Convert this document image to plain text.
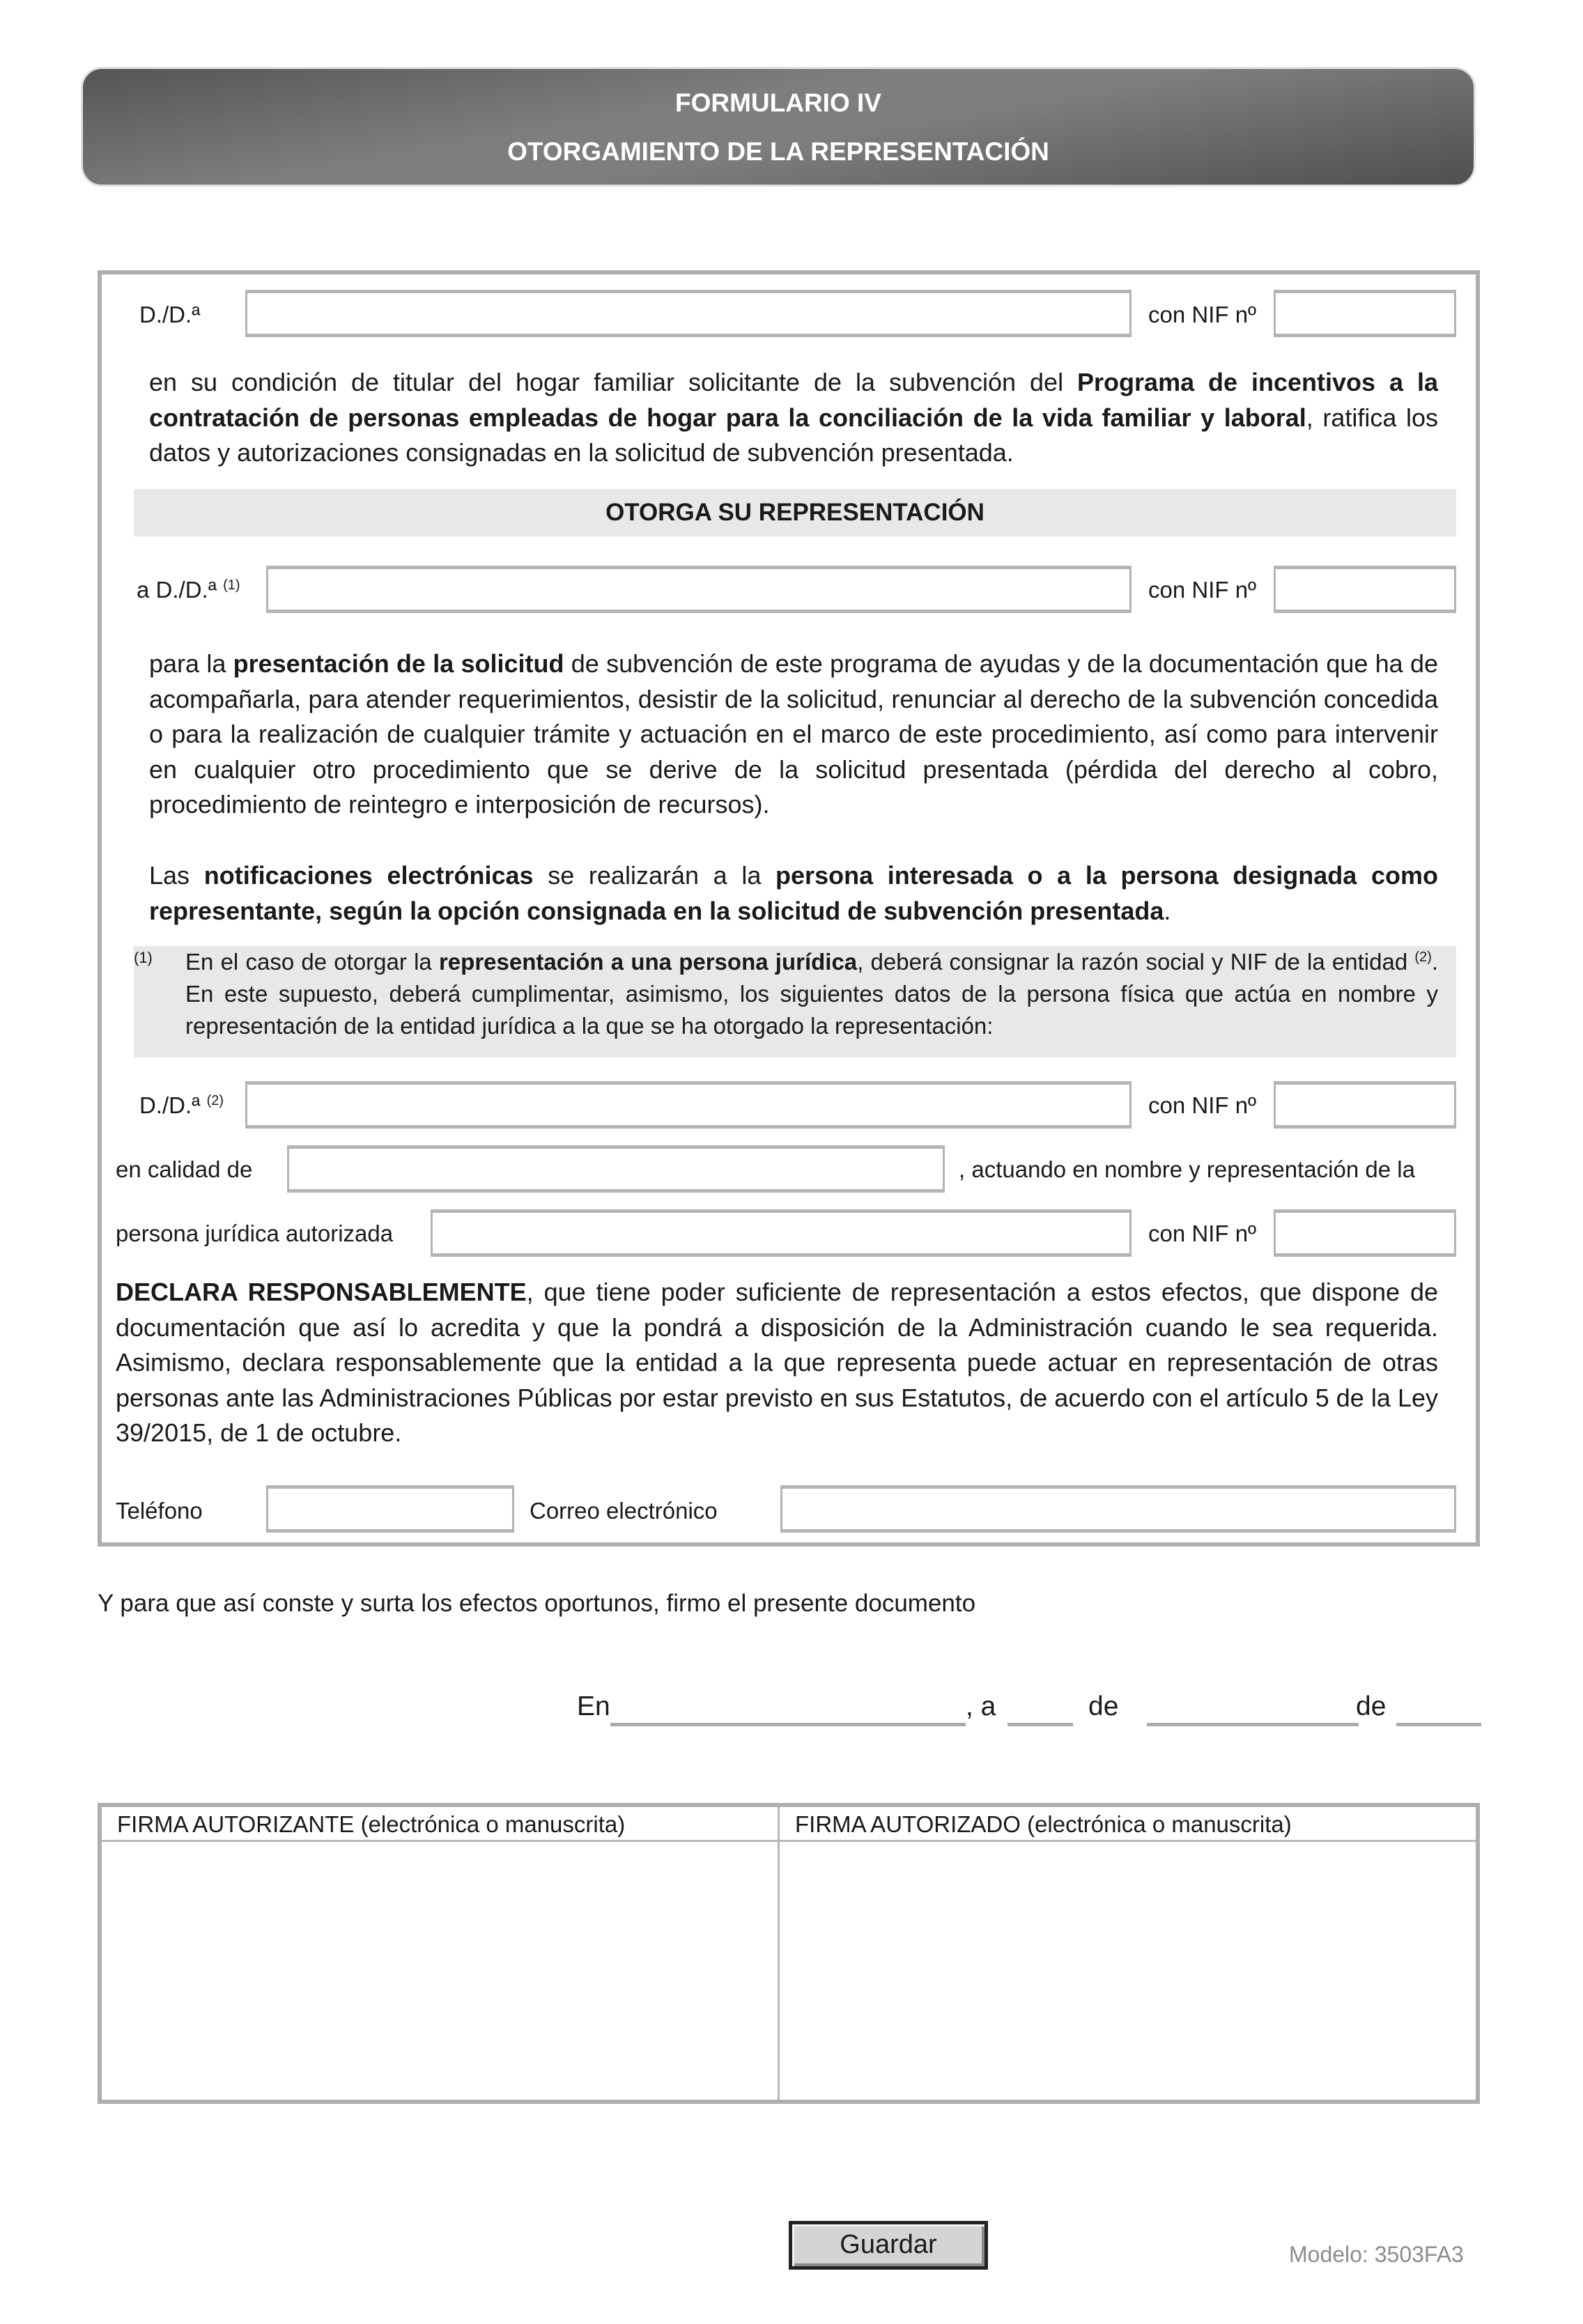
FORMULARIO IV
OTORGAMIENTO DE LA REPRESENTACIÓN
D./D.ª	con NIF nº
en su condición de titular del hogar familiar solicitante de la subvención del Programa de incentivos a la contratación de personas empleadas de hogar para la conciliación de la vida familiar y laboral, ratifica los datos y autorizaciones consignadas en la solicitud de subvención presentada.
OTORGA SU REPRESENTACIÓN
a D./D.ª $^{(1)}$	con NIF nº
para la presentación de la solicitud de subvención de este programa de ayudas y de la documentación que ha de acompañarla, para atender requerimientos, desistir de la solicitud, renunciar al derecho de la subvención concedida o para la realización de cualquier trámite y actuación en el marco de este procedimiento, así como para intervenir en cualquier otro procedimiento que se derive de la solicitud presentada (pérdida del derecho al cobro, procedimiento de reintegro e interposición de recursos).
Las notificaciones electrónicas se realizarán a la persona interesada o a la persona designada como representante, según la opción consignada en la solicitud de subvención presentada.
(1) En el caso de otorgar la representación a una persona jurídica, deberá consignar la razón social y NIF de la entidad $^{(2)}$. En este supuesto, deberá cumplimentar, asimismo, los siguientes datos de la persona física que actúa en nombre y representación de la entidad jurídica a la que se ha otorgado la representación:
D./D.ª $^{(2)}$	con NIF nº
en calidad de	, actuando en nombre y representación de la
persona jurídica autorizada	con NIF nº
DECLARA RESPONSABLEMENTE, que tiene poder suficiente de representación a estos efectos, que dispone de documentación que así lo acredita y que la pondrá a disposición de la Administración cuando le sea requerida. Asimismo, declara responsablemente que la entidad a la que representa puede actuar en representación de otras personas ante las Administraciones Públicas por estar previsto en sus Estatutos, de acuerdo con el artículo 5 de la Ley 39/2015, de 1 de octubre.
Teléfono	Correo electrónico
Y para que así conste y surta los efectos oportunos, firmo el presente documento
En	, a	de	de
FIRMA AUTORIZANTE (electrónica o manuscrita)	FIRMA AUTORIZADO (electrónica o manuscrita)
Guardar	Modelo: 3503FA3
